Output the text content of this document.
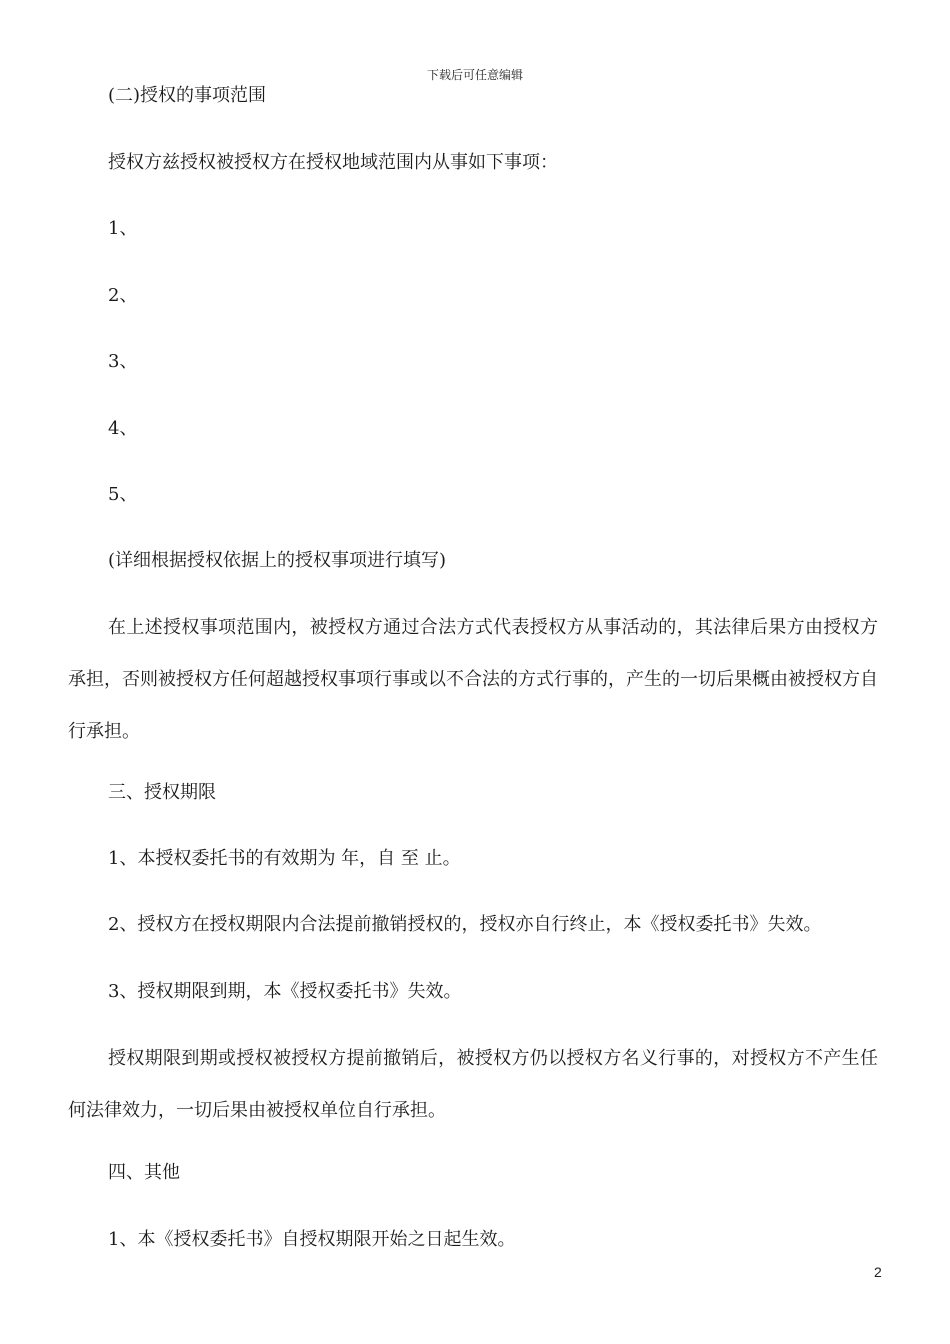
下载后可任意编辑
(二)授权的事项范围
授权方兹授权被授权方在授权地域范围内从事如下事项：
1、
2、
3、
4、
5、
(详细根据授权依据上的授权事项进行填写)
在上述授权事项范围内，被授权方通过合法方式代表授权方从事活动的，其法律后果方由授权方承担，否则被授权方任何超越授权事项行事或以不合法的方式行事的，产生的一切后果概由被授权方自行承担。
三、授权期限
1、本授权委托书的有效期为 年，自 至 止。
2、授权方在授权期限内合法提前撤销授权的，授权亦自行终止，本《授权委托书》失效。
3、授权期限到期，本《授权委托书》失效。
授权期限到期或授权被授权方提前撤销后，被授权方仍以授权方名义行事的，对授权方不产生任何法律效力，一切后果由被授权单位自行承担。
四、其他
1、本《授权委托书》自授权期限开始之日起生效。
2
